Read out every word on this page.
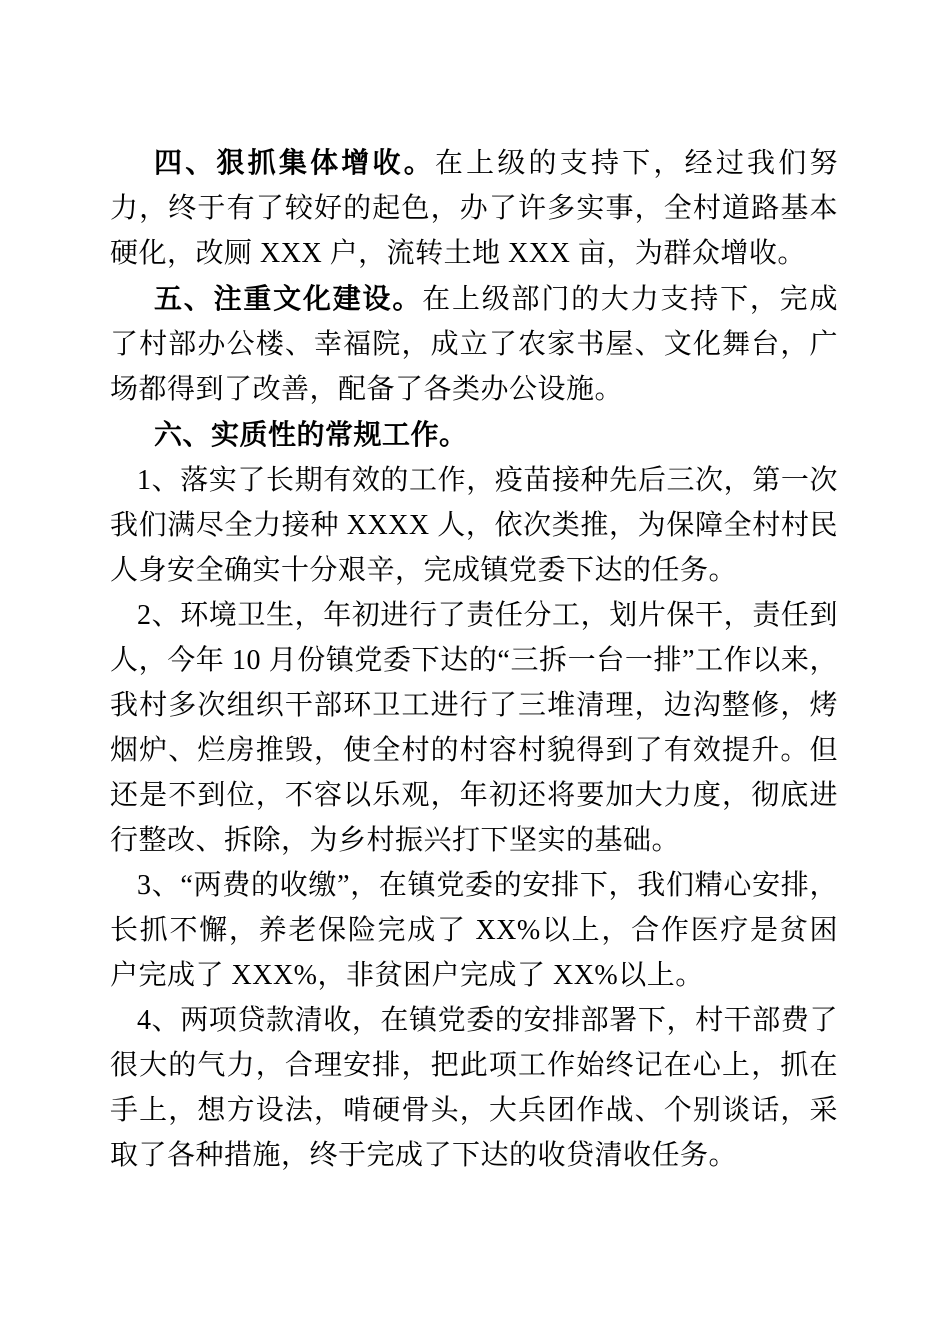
四、狠抓集体增收。在上级的支持下，经过我们努力，终于有了较好的起色，办了许多实事，全村道路基本硬化，改厕 XXX 户，流转土地 XXX 亩，为群众增收。

五、注重文化建设。在上级部门的大力支持下，完成了村部办公楼、幸福院，成立了农家书屋、文化舞台，广场都得到了改善，配备了各类办公设施。

六、实质性的常规工作。

1、落实了长期有效的工作，疫苗接种先后三次，第一次我们满尽全力接种 XXXX 人，依次类推，为保障全村村民人身安全确实十分艰辛，完成镇党委下达的任务。

2、环境卫生，年初进行了责任分工，划片保干，责任到人，今年 10 月份镇党委下达的“三拆一台一排”工作以来，我村多次组织干部环卫工进行了三堆清理，边沟整修，烤烟炉、烂房推毁，使全村的村容村貌得到了有效提升。但还是不到位，不容以乐观，年初还将要加大力度，彻底进行整改、拆除，为乡村振兴打下坚实的基础。

3、“两费的收缴”，在镇党委的安排下，我们精心安排，长抓不懈，养老保险完成了 XX%以上，合作医疗是贫困户完成了 XXX%，非贫困户完成了 XX%以上。

4、两项贷款清收，在镇党委的安排部署下，村干部费了很大的气力，合理安排，把此项工作始终记在心上，抓在手上，想方设法，啃硬骨头，大兵团作战、个别谈话，采取了各种措施，终于完成了下达的收贷清收任务。
